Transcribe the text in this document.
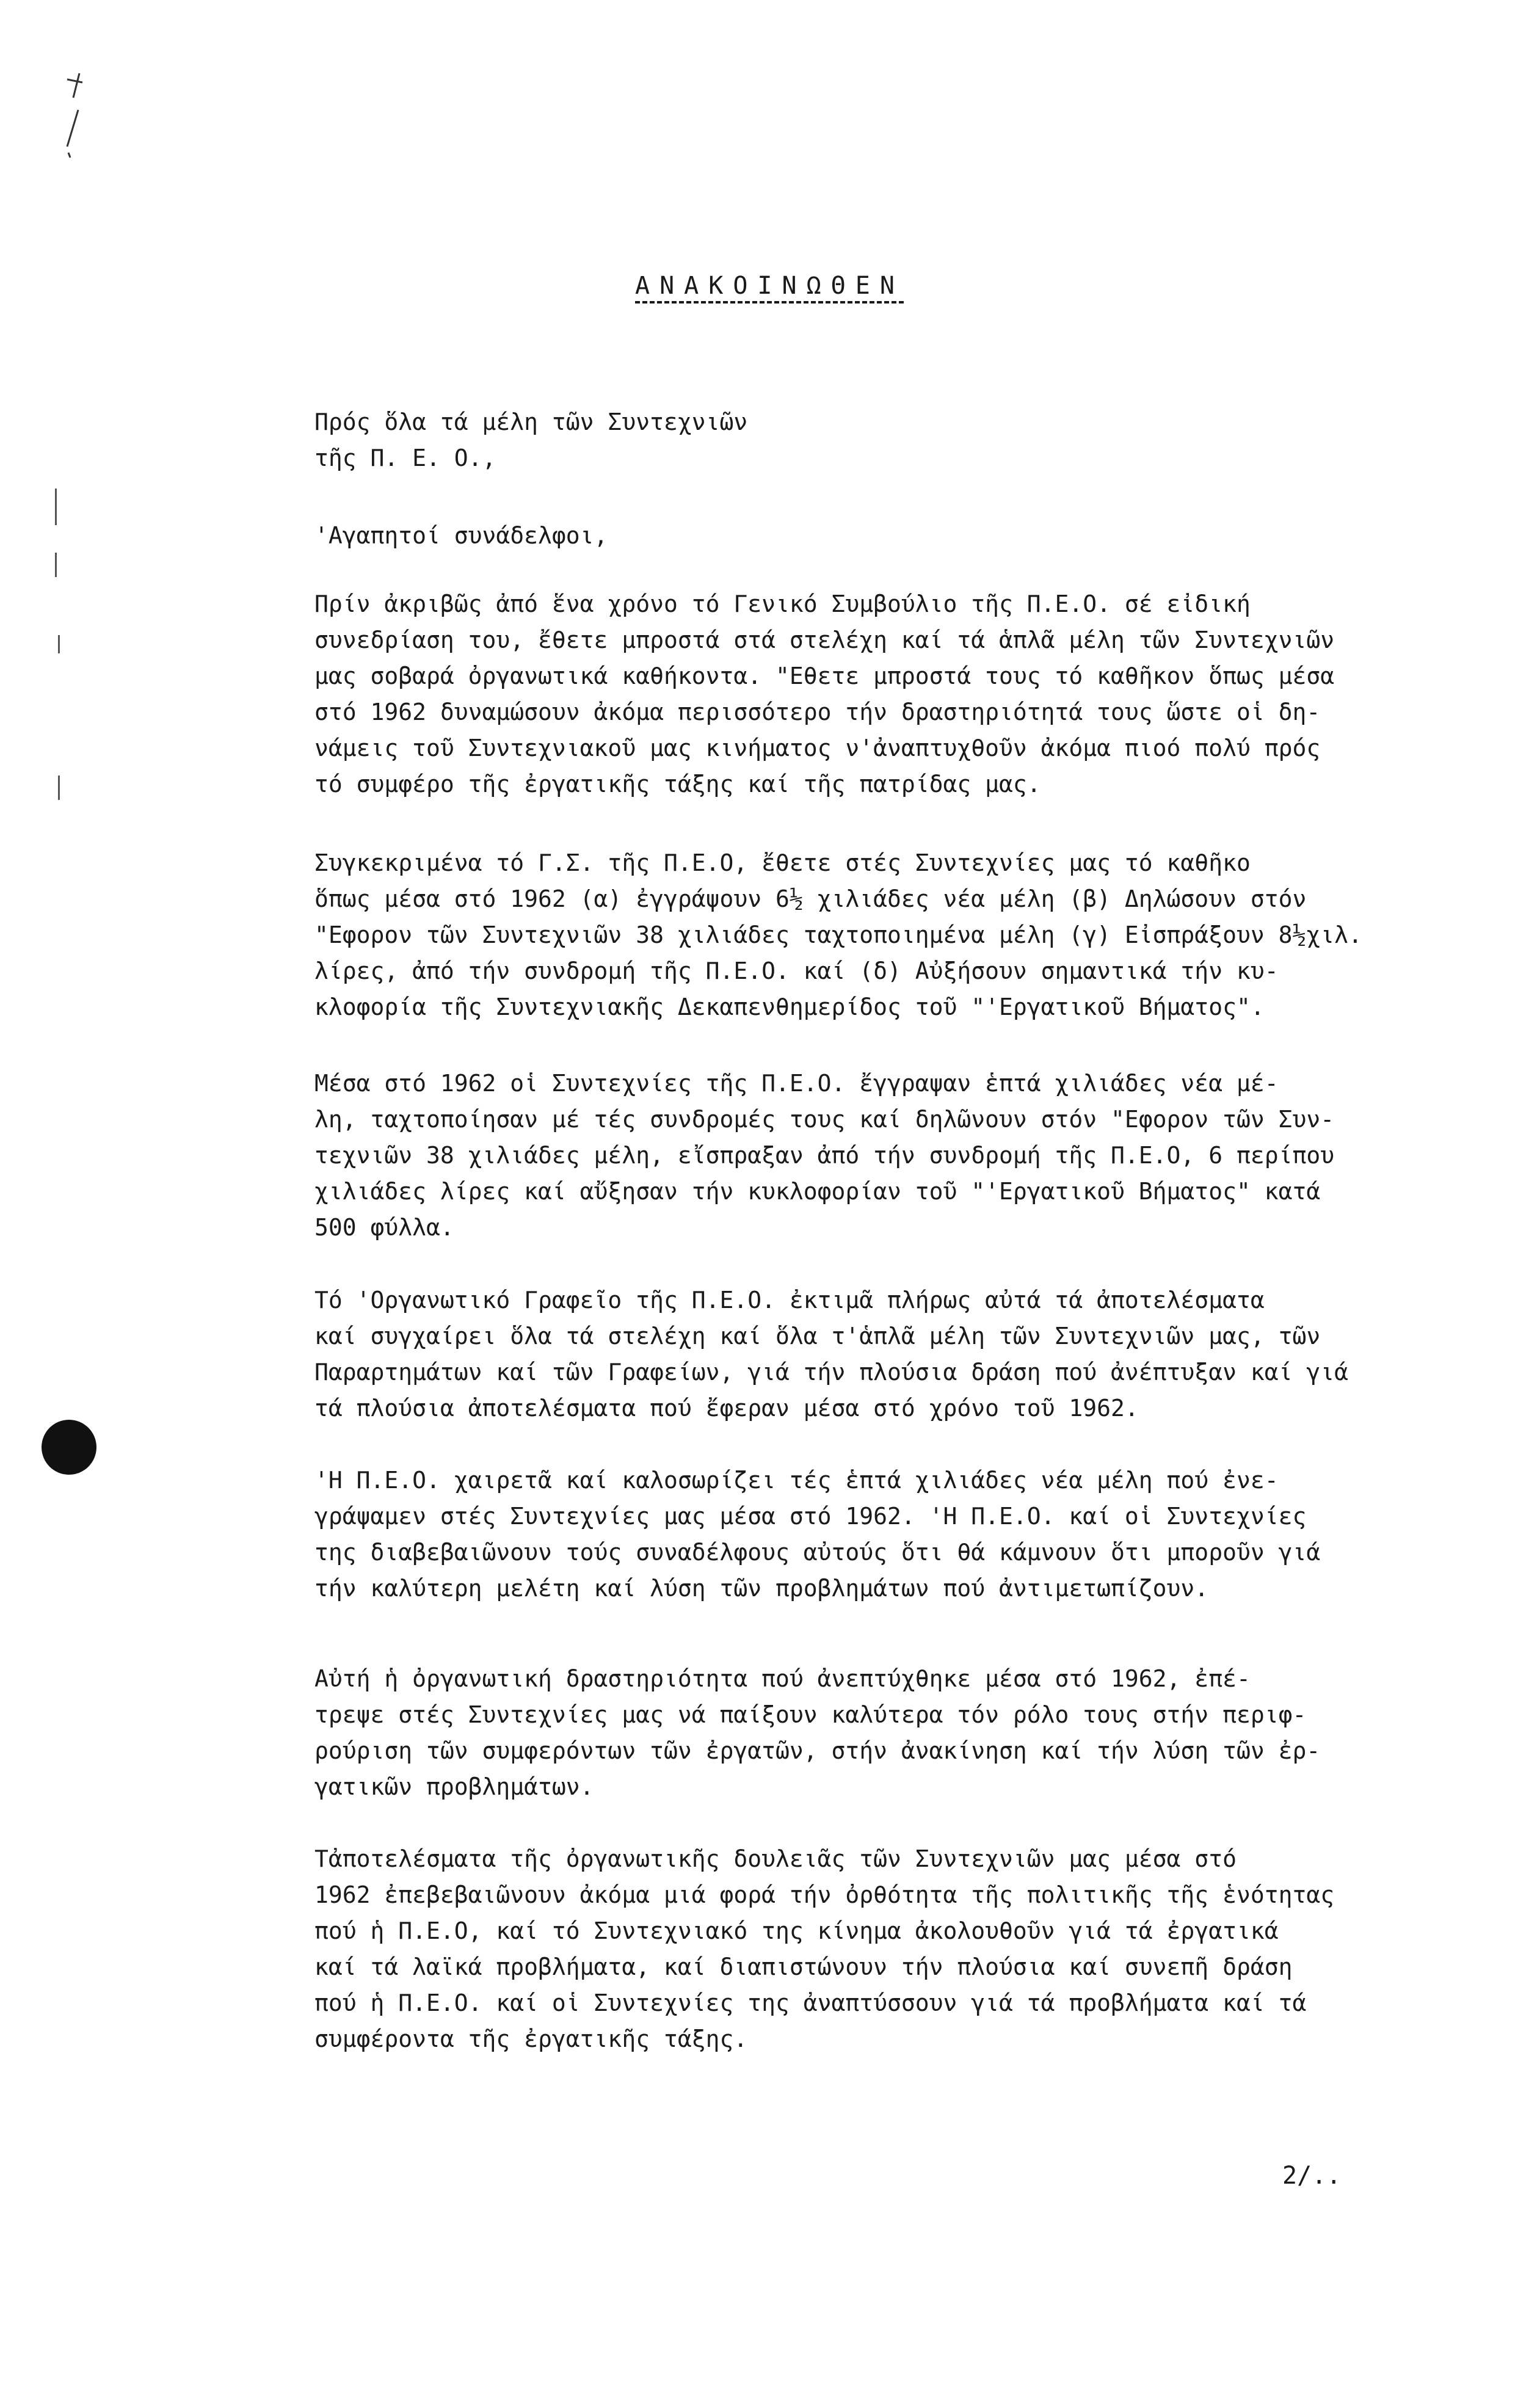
ΑΝΑΚΟΙΝΩΘΕΝ
Πρός ὅλα τά μέλη τῶν Συντεχνιῶν
τῆς Π. Ε. Ο.,
'Αγαπητοί συνάδελφοι,
Πρίν ἀκριβῶς ἀπό ἕνα χρόνο τό Γενικό Συμβούλιο τῆς Π.Ε.Ο. σέ εἰδική
συνεδρίαση του, ἔθετε μπροστά στά στελέχη καί τά ἁπλᾶ μέλη τῶν Συντεχνιῶν
μας σοβαρά ὀργανωτικά καθήκοντα. "Εθετε μπροστά τους τό καθῆκον ὅπως μέσα
στό 1962 δυναμώσουν ἀκόμα περισσότερο τήν δραστηριότητά τους ὥστε οἱ δη-
νάμεις τοῦ Συντεχνιακοῦ μας κινήματος ν'ἀναπτυχθοῦν ἀκόμα πιοό πολύ πρός
τό συμφέρο τῆς ἐργατικῆς τάξης καί τῆς πατρίδας μας.
Συγκεκριμένα τό Γ.Σ. τῆς Π.Ε.Ο, ἔθετε στές Συντεχνίες μας τό καθῆκο
ὅπως μέσα στό 1962 (α) ἐγγράψουν 6½ χιλιάδες νέα μέλη (β) Δηλώσουν στόν
"Εφορον τῶν Συντεχνιῶν 38 χιλιάδες ταχτοποιημένα μέλη (γ) Εἰσπράξουν 8½χιλ.
λίρες, ἀπό τήν συνδρομή τῆς Π.Ε.Ο. καί (δ) Αὐξήσουν σημαντικά τήν κυ-
κλοφορία τῆς Συντεχνιακῆς Δεκαπενθημερίδος τοῦ "'Εργατικοῦ Βήματος".
Μέσα στό 1962 οἱ Συντεχνίες τῆς Π.Ε.Ο. ἔγγραψαν ἑπτά χιλιάδες νέα μέ-
λη, ταχτοποίησαν μέ τές συνδρομές τους καί δηλῶνουν στόν "Εφορον τῶν Συν-
τεχνιῶν 38 χιλιάδες μέλη, εἴσπραξαν ἀπό τήν συνδρομή τῆς Π.Ε.Ο, 6 περίπου
χιλιάδες λίρες καί αὔξησαν τήν κυκλοφορίαν τοῦ "'Εργατικοῦ Βήματος" κατά
500 φύλλα.
Τό 'Οργανωτικό Γραφεῖο τῆς Π.Ε.Ο. ἐκτιμᾶ πλήρως αὐτά τά ἀποτελέσματα
καί συγχαίρει ὅλα τά στελέχη καί ὅλα τ'ἁπλᾶ μέλη τῶν Συντεχνιῶν μας, τῶν
Παραρτημάτων καί τῶν Γραφείων, γιά τήν πλούσια δράση πού ἀνέπτυξαν καί γιά
τά πλούσια ἀποτελέσματα πού ἔφεραν μέσα στό χρόνο τοῦ 1962.
'Η Π.Ε.Ο. χαιρετᾶ καί καλοσωρίζει τές ἑπτά χιλιάδες νέα μέλη πού ἐνε-
γράψαμεν στές Συντεχνίες μας μέσα στό 1962. 'Η Π.Ε.Ο. καί οἱ Συντεχνίες
της διαβεβαιῶνουν τούς συναδέλφους αὐτούς ὅτι θά κάμνουν ὅτι μποροῦν γιά
τήν καλύτερη μελέτη καί λύση τῶν προβλημάτων πού ἀντιμετωπίζουν.
Αὐτή ἡ ὀργανωτική δραστηριότητα πού ἀνεπτύχθηκε μέσα στό 1962, ἐπέ-
τρεψε στές Συντεχνίες μας νά παίξουν καλύτερα τόν ρόλο τους στήν περιφ-
ρούριση τῶν συμφερόντων τῶν ἐργατῶν, στήν ἀνακίνηση καί τήν λύση τῶν ἐρ-
γατικῶν προβλημάτων.
Τἀποτελέσματα τῆς ὀργανωτικῆς δουλειᾶς τῶν Συντεχνιῶν μας μέσα στό
1962 ἐπεβεβαιῶνουν ἀκόμα μιά φορά τήν ὀρθότητα τῆς πολιτικῆς τῆς ἑνότητας
πού ἡ Π.Ε.Ο, καί τό Συντεχνιακό της κίνημα ἀκολουθοῦν γιά τά ἐργατικά
καί τά λαϊκά προβλήματα, καί διαπιστώνουν τήν πλούσια καί συνεπῆ δράση
πού ἡ Π.Ε.Ο. καί οἱ Συντεχνίες της ἀναπτύσσουν γιά τά προβλήματα καί τά
συμφέροντα τῆς ἐργατικῆς τάξης.
2/..
